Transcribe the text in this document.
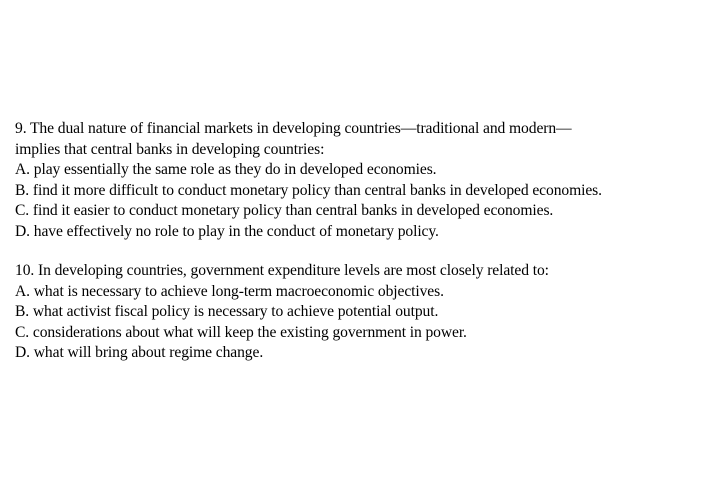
9. The dual nature of financial markets in developing countries—traditional and modern—
implies that central banks in developing countries:
A. play essentially the same role as they do in developed economies.
B. find it more difficult to conduct monetary policy than central banks in developed economies.
C. find it easier to conduct monetary policy than central banks in developed economies.
D. have effectively no role to play in the conduct of monetary policy.
10. In developing countries, government expenditure levels are most closely related to:
A. what is necessary to achieve long-term macroeconomic objectives.
B. what activist fiscal policy is necessary to achieve potential output.
C. considerations about what will keep the existing government in power.
D. what will bring about regime change.
